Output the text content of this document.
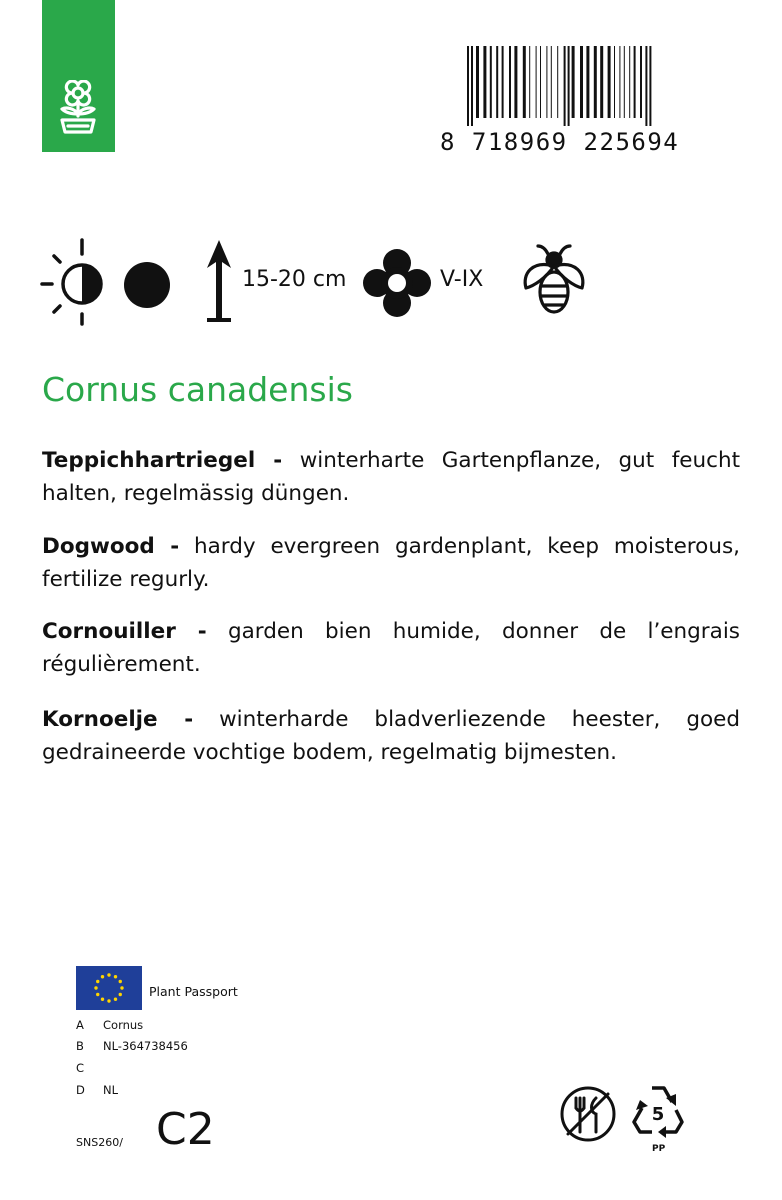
8 718969 225694
15-20 cm	V-IX
Cornus canadensis

Teppichhartriegel - winterharte Gartenpflanze, gut feucht halten, regelmässig düngen.

Dogwood - hardy evergreen gardenplant, keep moisterous, fertilize regurly.

Cornouiller - garden bien humide, donner de l’engrais régulièrement.

Kornoelje - winterharde bladverliezende heester, goed gedraineerde vochtige bodem, regelmatig bijmesten.

Plant Passport
A Cornus
B NL-364738456
C
D NL
SNS260/ C2	5
PP
